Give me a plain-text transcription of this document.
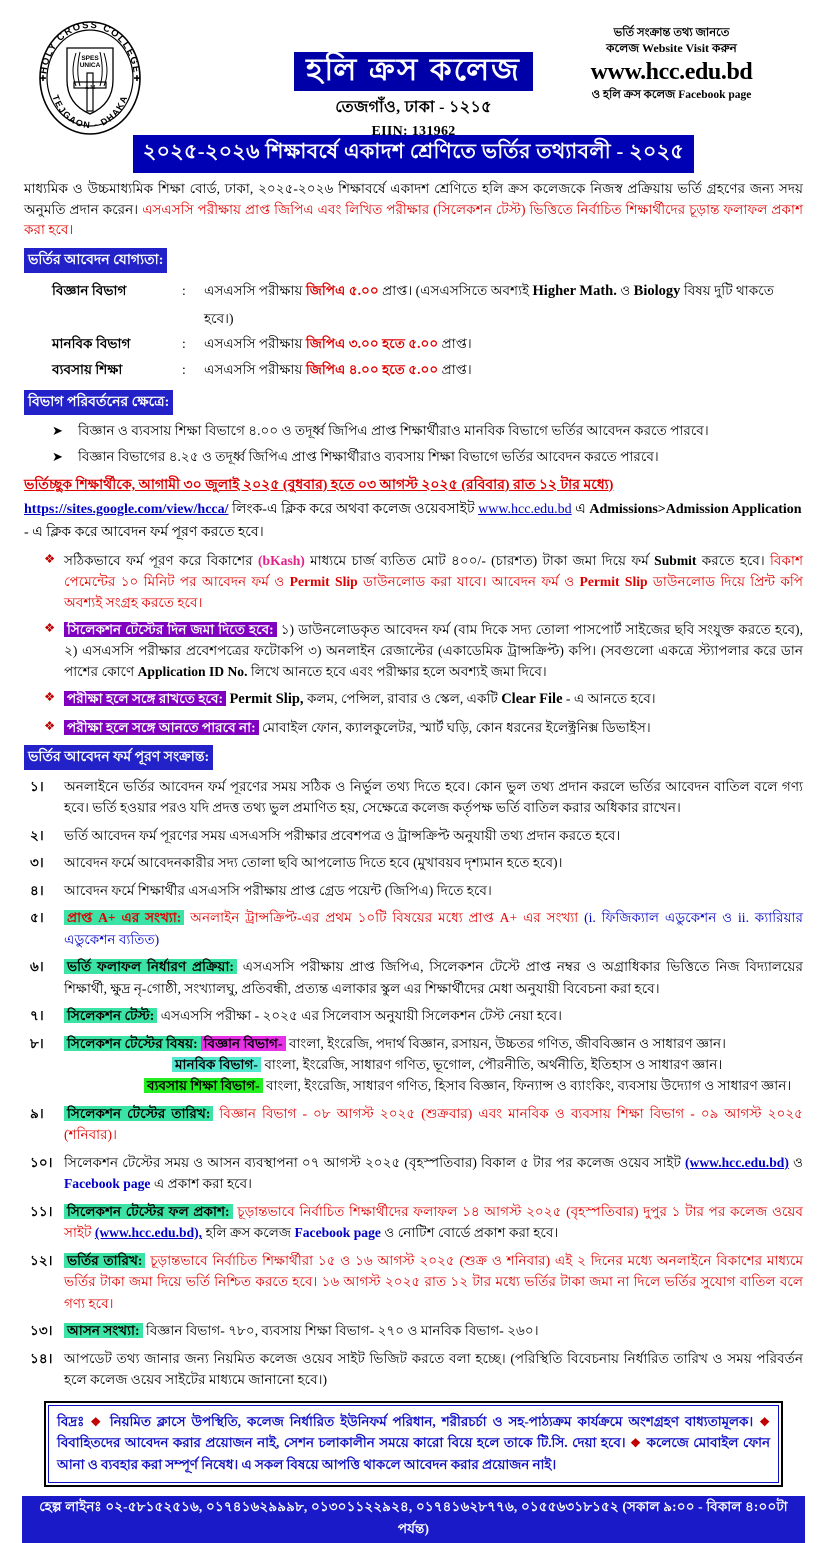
HOLY CROSS COLLEGE
TEJGAON - DHAKA
SPES
UNICA
A M
✚	✚	হলি ক্রস কলেজ
তেজগাঁও, ঢাকা - ১২১৫
EIIN: 131962
ভর্তি সংক্রান্ত তথ্য জানতে
কলেজ Website Visit করুন
www.hcc.edu.bd
ও হলি ক্রস কলেজ Facebook page
২০২৫-২০২৬ শিক্ষাবর্ষে একাদশ শ্রেণিতে ভর্তির তথ্যাবলী - ২০২৫
মাধ্যমিক ও উচ্চমাধ্যমিক শিক্ষা বোর্ড, ঢাকা, ২০২৫-২০২৬ শিক্ষাবর্ষে একাদশ শ্রেণিতে হলি ক্রস কলেজকে নিজস্ব প্রক্রিয়ায় ভর্তি গ্রহণের জন্য সদয় অনুমতি প্রদান করেন। এসএসসি পরীক্ষায় প্রাপ্ত জিপিএ এবং লিখিত পরীক্ষার (সিলেকশন টেস্ট) ভিত্তিতে নির্বাচিত শিক্ষার্থীদের চূড়ান্ত ফলাফল প্রকাশ করা হবে।
ভর্তির আবেদন যোগ্যতা:
বিজ্ঞান বিভাগ	:	এসএসসি পরীক্ষায় জিপিএ ৫.০০ প্রাপ্ত। (এসএসসিতে অবশ্যই Higher Math. ও Biology বিষয় দুটি থাকতে হবে।)
মানবিক বিভাগ	:	এসএসসি পরীক্ষায় জিপিএ ৩.০০ হতে ৫.০০ প্রাপ্ত।
ব্যবসায় শিক্ষা	:	এসএসসি পরীক্ষায় জিপিএ ৪.০০ হতে ৫.০০ প্রাপ্ত।
বিভাগ পরিবর্তনের ক্ষেত্রে:
➤	বিজ্ঞান ও ব্যবসায় শিক্ষা বিভাগে ৪.০০ ও তদূর্ধ্ব জিপিএ প্রাপ্ত শিক্ষার্থীরাও মানবিক বিভাগে ভর্তির আবেদন করতে পারবে।
➤	বিজ্ঞান বিভাগের ৪.২৫ ও তদূর্ধ্ব জিপিএ প্রাপ্ত শিক্ষার্থীরাও ব্যবসায় শিক্ষা বিভাগে ভর্তির আবেদন করতে পারবে।
ভর্তিচ্ছুক শিক্ষার্থীকে, আগামী ৩০ জুলাই ২০২৫ (বুধবার) হতে ০৩ আগস্ট ২০২৫ (রবিবার) রাত ১২ টার মধ্যে)
https://sites.google.com/view/hcca/ লিংক-এ ক্লিক করে অথবা কলেজ ওয়েবসাইট www.hcc.edu.bd এ Admissions>Admission Application - এ ক্লিক করে আবেদন ফর্ম পূরণ করতে হবে।
❖ সঠিকভাবে ফর্ম পূরণ করে বিকাশের (bKash) মাধ্যমে চার্জ ব্যতিত মোট ৪০০/- (চারশত) টাকা জমা দিয়ে ফর্ম Submit করতে হবে। বিকাশ পেমেন্টের ১০ মিনিট পর আবেদন ফর্ম ও Permit Slip ডাউনলোড করা যাবে। আবেদন ফর্ম ও Permit Slip ডাউনলোড দিয়ে প্রিন্ট কপি অবশ্যই সংগ্রহ করতে হবে।
❖ সিলেকশন টেস্টের দিন জমা দিতে হবে: ১) ডাউনলোডকৃত আবেদন ফর্ম (বাম দিকে সদ্য তোলা পাসপোর্ট সাইজের ছবি সংযুক্ত করতে হবে), ২) এসএসসি পরীক্ষার প্রবেশপত্রের ফটোকপি ৩) অনলাইন রেজাল্টের (একাডেমিক ট্রান্সক্রিপ্ট) কপি। (সবগুলো একত্রে স্ট্যাপলার করে ডান পাশের কোণে Application ID No. লিখে আনতে হবে এবং পরীক্ষার হলে অবশ্যই জমা দিবে।
❖ পরীক্ষা হলে সঙ্গে রাখতে হবে: Permit Slip, কলম, পেন্সিল, রাবার ও স্কেল, একটি Clear File - এ আনতে হবে।
❖ পরীক্ষা হলে সঙ্গে আনতে পারবে না: মোবাইল ফোন, ক্যালকুলেটর, স্মার্ট ঘড়ি, কোন ধরনের ইলেক্ট্রনিক্স ডিভাইস।
ভর্তির আবেদন ফর্ম পূরণ সংক্রান্ত:
১।	অনলাইনে ভর্তির আবেদন ফর্ম পূরণের সময় সঠিক ও নির্ভুল তথ্য দিতে হবে। কোন ভুল তথ্য প্রদান করলে ভর্তির আবেদন বাতিল বলে গণ্য হবে। ভর্তি হওয়ার পরও যদি প্রদত্ত তথ্য ভুল প্রমাণিত হয়, সেক্ষেত্রে কলেজ কর্তৃপক্ষ ভর্তি বাতিল করার অধিকার রাখেন।
২।	ভর্তি আবেদন ফর্ম পূরণের সময় এসএসসি পরীক্ষার প্রবেশপত্র ও ট্রান্সক্রিপ্ট অনুযায়ী তথ্য প্রদান করতে হবে।
৩।	আবেদন ফর্মে আবেদনকারীর সদ্য তোলা ছবি আপলোড দিতে হবে (মুখাবয়ব দৃশ্যমান হতে হবে)।
৪।	আবেদন ফর্মে শিক্ষার্থীর এসএসসি পরীক্ষায় প্রাপ্ত গ্রেড পয়েন্ট (জিপিএ) দিতে হবে।
৫।	প্রাপ্ত A+ এর সংখ্যা: অনলাইন ট্রান্সক্রিপ্ট-এর প্রথম ১০টি বিষয়ের মধ্যে প্রাপ্ত A+ এর সংখ্যা (i. ফিজিক্যাল এডুকেশন ও ii. ক্যারিয়ার এডুকেশন ব্যতিত)
৬।	ভর্তি ফলাফল নির্ধারণ প্রক্রিয়া: এসএসসি পরীক্ষায় প্রাপ্ত জিপিএ, সিলেকশন টেস্টে প্রাপ্ত নম্বর ও অগ্রাধিকার ভিত্তিতে নিজ বিদ্যালয়ের শিক্ষার্থী, ক্ষুদ্র নৃ-গোষ্ঠী, সংখ্যালঘু, প্রতিবন্ধী, প্রত্যন্ত এলাকার স্কুল এর শিক্ষার্থীদের মেধা অনুযায়ী বিবেচনা করা হবে।
৭।	সিলেকশন টেস্ট: এসএসসি পরীক্ষা - ২০২৫ এর সিলেবাস অনুযায়ী সিলেকশন টেস্ট নেয়া হবে।
৮।	সিলেকশন টেস্টের বিষয়: বিজ্ঞান বিভাগ- বাংলা, ইংরেজি, পদার্থ বিজ্ঞান, রসায়ন, উচ্চতর গণিত, জীববিজ্ঞান ও সাধারণ জ্ঞান।
মানবিক বিভাগ- বাংলা, ইংরেজি, সাধারণ গণিত, ভূগোল, পৌরনীতি, অর্থনীতি, ইতিহাস ও সাধারণ জ্ঞান।
ব্যবসায় শিক্ষা বিভাগ- বাংলা, ইংরেজি, সাধারণ গণিত, হিসাব বিজ্ঞান, ফিন্যান্স ও ব্যাংকিং, ব্যবসায় উদ্যোগ ও সাধারণ জ্ঞান।
৯।	সিলেকশন টেস্টের তারিখ: বিজ্ঞান বিভাগ - ০৮ আগস্ট ২০২৫ (শুক্রবার) এবং মানবিক ও ব্যবসায় শিক্ষা বিভাগ - ০৯ আগস্ট ২০২৫ (শনিবার)।
১০। সিলেকশন টেস্টের সময় ও আসন ব্যবস্থাপনা ০৭ আগস্ট ২০২৫ (বৃহস্পতিবার) বিকাল ৫ টার পর কলেজ ওয়েব সাইট (www.hcc.edu.bd) ও Facebook page এ প্রকাশ করা হবে।
১১।	সিলেকশন টেস্টের ফল প্রকাশ: চূড়ান্তভাবে নির্বাচিত শিক্ষার্থীদের ফলাফল ১৪ আগস্ট ২০২৫ (বৃহস্পতিবার) দুপুর ১ টার পর কলেজ ওয়েব সাইট (www.hcc.edu.bd), হলি ক্রস কলেজ Facebook page ও নোটিশ বোর্ডে প্রকাশ করা হবে।
১২।	ভর্তির তারিখ: চূড়ান্তভাবে নির্বাচিত শিক্ষার্থীরা ১৫ ও ১৬ আগস্ট ২০২৫ (শুক্র ও শনিবার) এই ২ দিনের মধ্যে অনলাইনে বিকাশের মাধ্যমে ভর্তির টাকা জমা দিয়ে ভর্তি নিশ্চিত করতে হবে। ১৬ আগস্ট ২০২৫ রাত ১২ টার মধ্যে ভর্তির টাকা জমা না দিলে ভর্তির সুযোগ বাতিল বলে গণ্য হবে।
১৩।	আসন সংখ্যা: বিজ্ঞান বিভাগ- ৭৮০, ব্যবসায় শিক্ষা বিভাগ- ২৭০ ও মানবিক বিভাগ- ২৬০।
১৪। আপডেট তথ্য জানার জন্য নিয়মিত কলেজ ওয়েব সাইট ভিজিট করতে বলা হচ্ছে। (পরিস্থিতি বিবেচনায় নির্ধারিত তারিখ ও সময় পরিবর্তন হলে কলেজ ওয়েব সাইটের মাধ্যমে জানানো হবে।)
বিদ্রঃ ❖ নিয়মিত ক্লাসে উপস্থিতি, কলেজ নির্ধারিত ইউনিফর্ম পরিধান, শরীরচর্চা ও সহ-পাঠ্যক্রম কার্যক্রমে অংশগ্রহণ বাধ্যতামূলক। ❖ বিবাহিতদের আবেদন করার প্রয়োজন নাই, সেশন চলাকালীন সময়ে কারো বিয়ে হলে তাকে টি.সি. দেয়া হবে। ❖ কলেজে মোবাইল ফোন আনা ও ব্যবহার করা সম্পূর্ণ নিষেধ। এ সকল বিষয়ে আপত্তি থাকলে আবেদন করার প্রয়োজন নাই।
হেল্প লাইনঃ ০২-৫৮১৫২৫১৬, ০১৭৪১৬২৯৯৯৮, ০১৩০১১২২৯২৪, ০১৭৪১৬২৮৭৭৬, ০১৫৫৬৩১৮১৫২ (সকাল ৯:০০ - বিকাল ৪:০০টা পর্যন্ত)
